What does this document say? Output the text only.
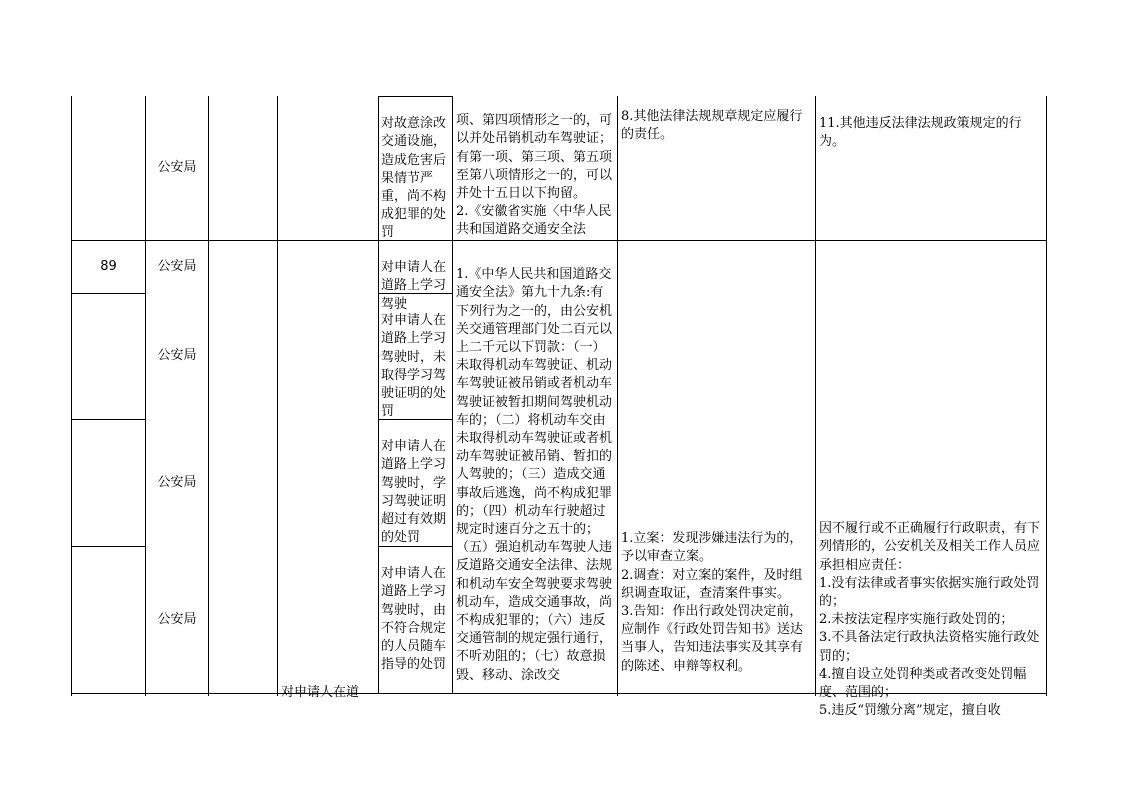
公安局

对故意涂改交通设施，造成危害后果情节严重，尚不构成犯罪的处罚

项、第四项情形之一的，可以并处吊销机动车驾驶证；有第一项、第三项、第五项至第八项情形之一的，可以并处十五日以下拘留。
2.《安徽省实施〈中华人民共和国道路交通安全法

8.其他法律法规规章规定应履行的责任。

11.其他违反法律法规政策规定的行为。

89	公安局	对申请人在道路上学习驾驶

公安局

对申请人在道路上学习驾驶时，未取得学习驾驶证明的处罚

公安局

对申请人在道路上学习驾驶时，学习驾驶证明超过有效期的处罚

公安局

对申请人在道路上学习驾驶时，由不符合规定的人员随车指导的处罚

对申请人在道

1.《中华人民共和国道路交通安全法》第九十九条:有下列行为之一的，由公安机关交通管理部门处二百元以上二千元以下罚款：（一）未取得机动车驾驶证、机动车驾驶证被吊销或者机动车驾驶证被暂扣期间驾驶机动车的；（二）将机动车交由未取得机动车驾驶证或者机动车驾驶证被吊销、暂扣的人驾驶的；（三）造成交通事故后逃逸，尚不构成犯罪的；（四）机动车行驶超过规定时速百分之五十的；（五）强迫机动车驾驶人违反道路交通安全法律、法规和机动车安全驾驶要求驾驶机动车，造成交通事故，尚不构成犯罪的；（六）违反交通管制的规定强行通行，不听劝阻的；（七）故意损毁、移动、涂改交

1.立案：发现涉嫌违法行为的，予以审查立案。
2.调查：对立案的案件，及时组织调查取证，查清案件事实。
3.告知：作出行政处罚决定前，应制作《行政处罚告知书》送达当事人，告知违法事实及其享有的陈述、申辩等权利。

因不履行或不正确履行行政职责，有下列情形的，公安机关及相关工作人员应承担相应责任：
1.没有法律或者事实依据实施行政处罚的；
2.未按法定程序实施行政处罚的；
3.不具备法定行政执法资格实施行政处罚的；
4.擅自设立处罚种类或者改变处罚幅度、范围的；
5.违反“罚缴分离”规定，擅自收
